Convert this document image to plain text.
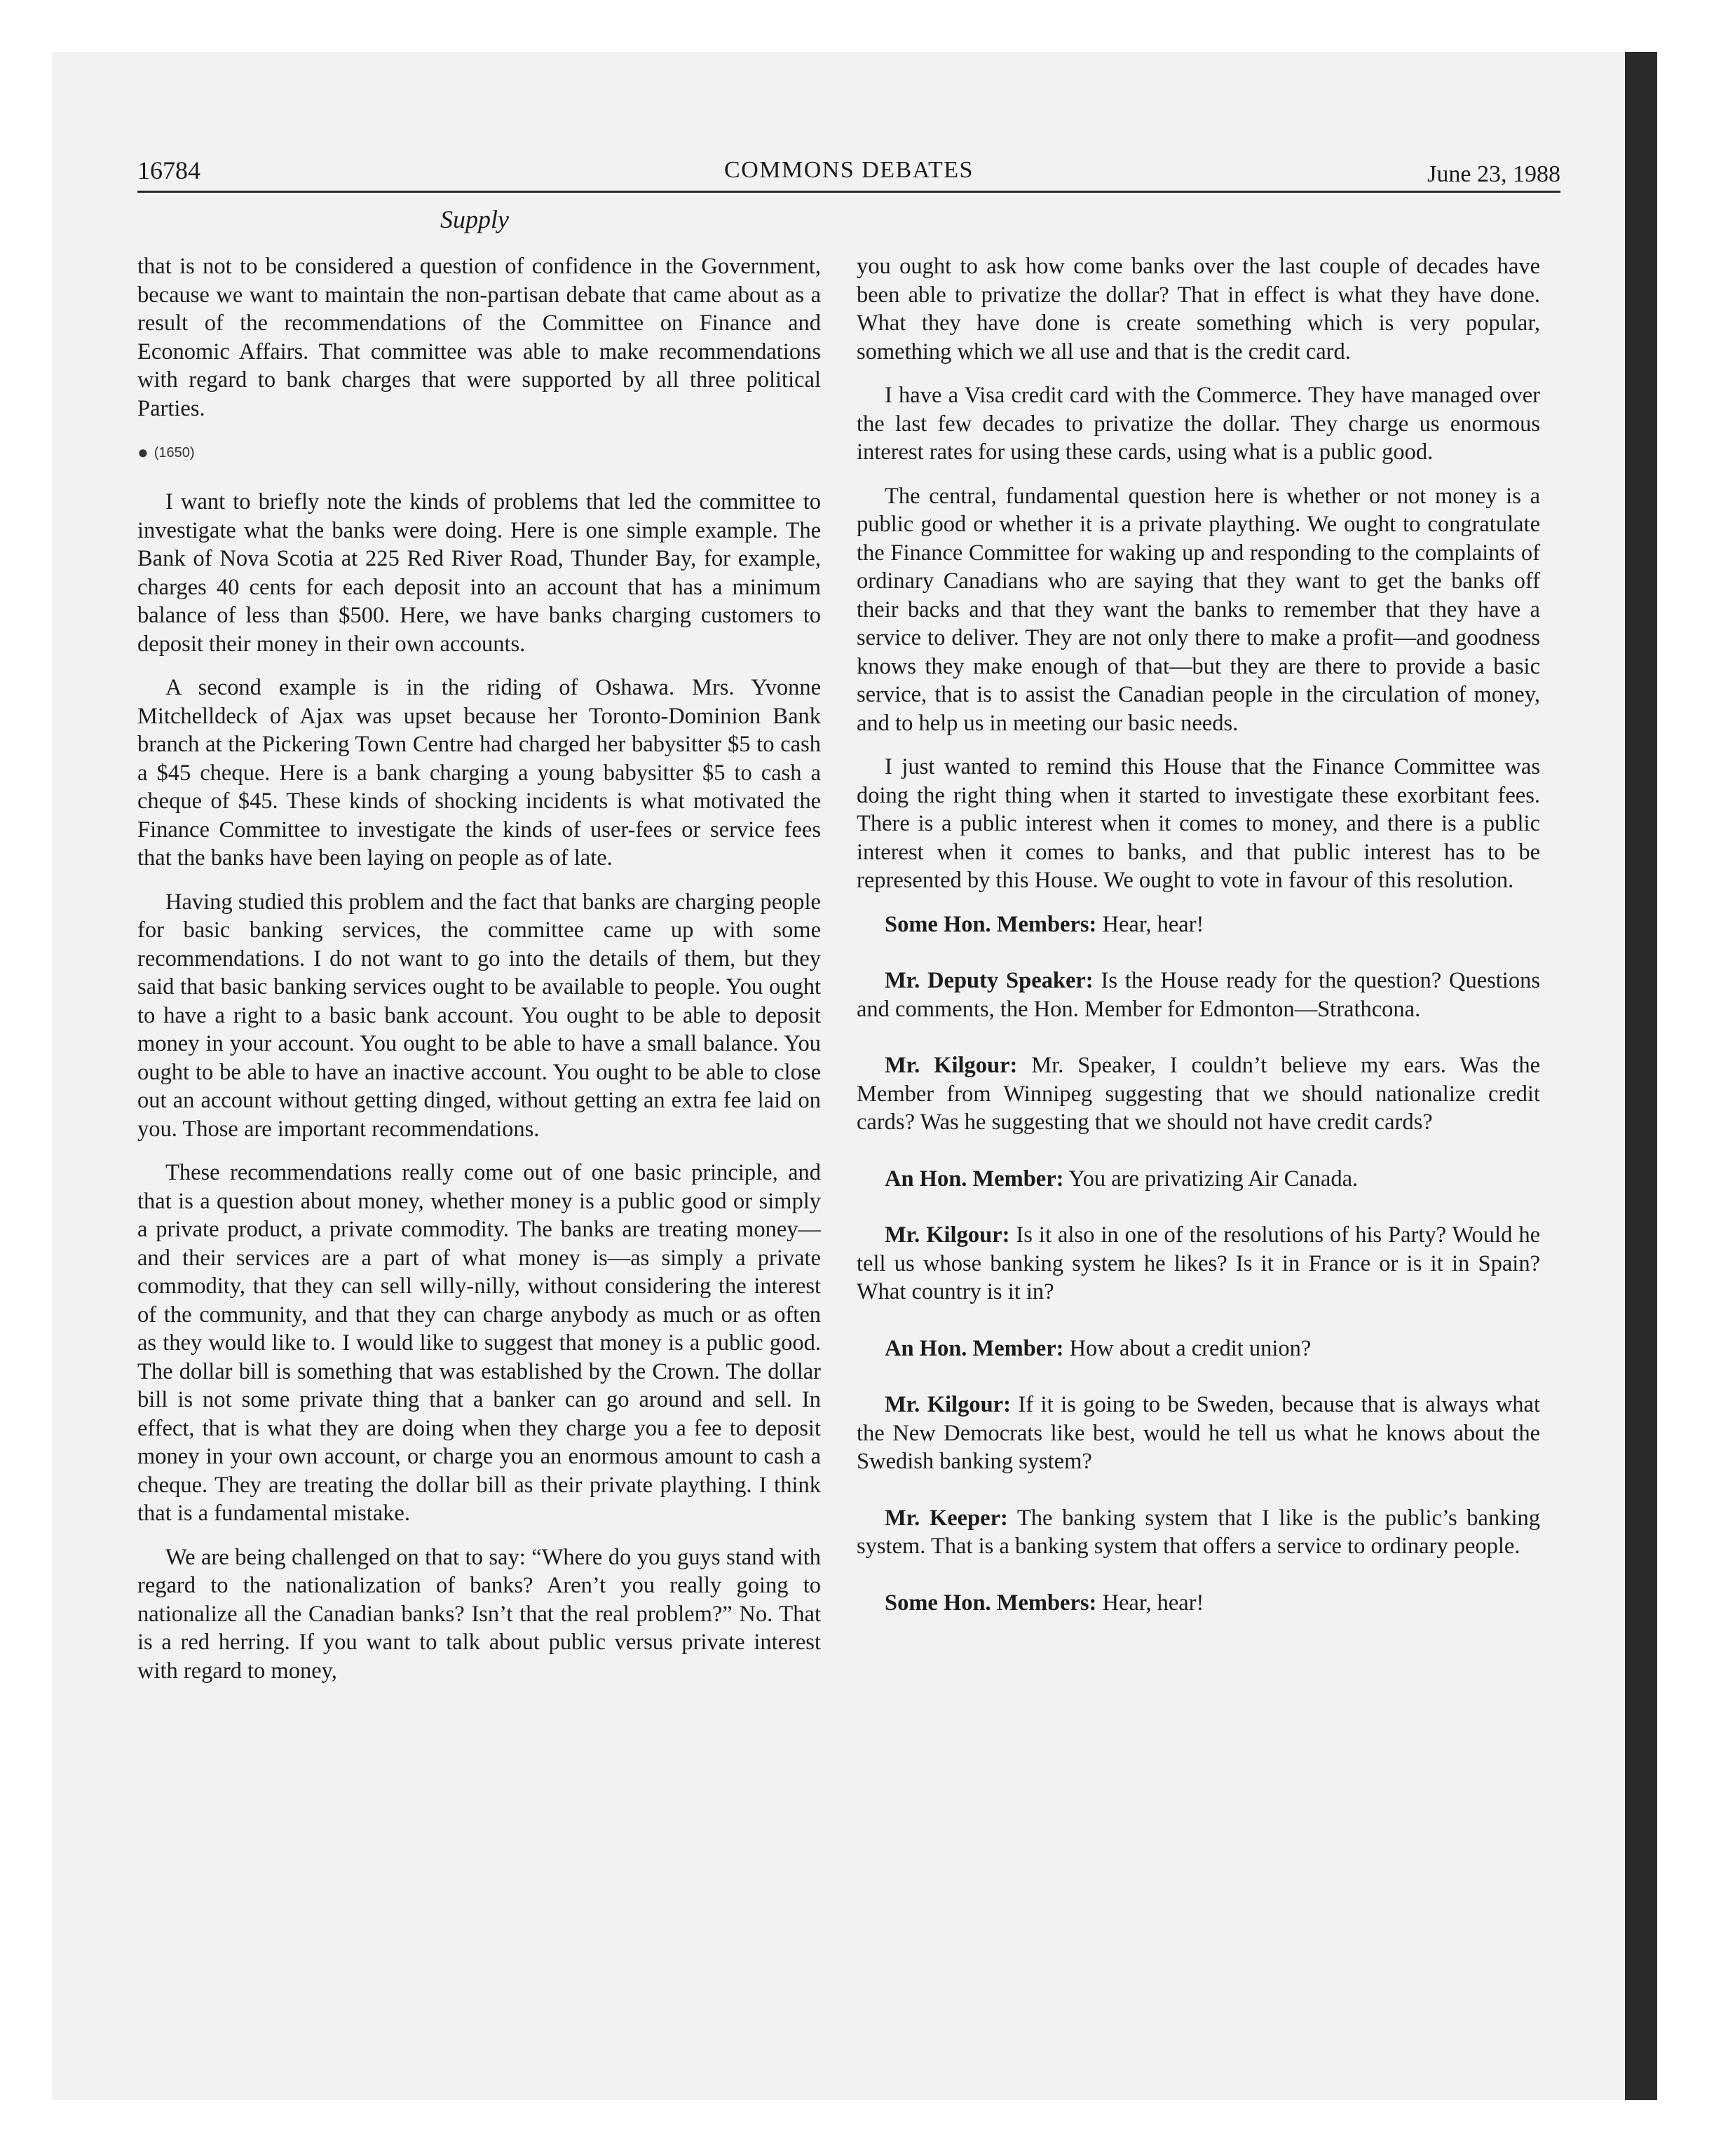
16784	COMMONS DEBATES	June 23, 1988
Supply

that is not to be considered a question of confidence in the Government, because we want to maintain the non-partisan debate that came about as a result of the recommendations of the Committee on Finance and Economic Affairs. That committee was able to make recommendations with regard to bank charges that were supported by all three political Parties.

● (1650)

I want to briefly note the kinds of problems that led the committee to investigate what the banks were doing. Here is one simple example. The Bank of Nova Scotia at 225 Red River Road, Thunder Bay, for example, charges 40 cents for each deposit into an account that has a minimum balance of less than $500. Here, we have banks charging customers to deposit their money in their own accounts.

A second example is in the riding of Oshawa. Mrs. Yvonne Mitchelldeck of Ajax was upset because her Toronto-Dominion Bank branch at the Pickering Town Centre had charged her babysitter $5 to cash a $45 cheque. Here is a bank charging a young babysitter $5 to cash a cheque of $45. These kinds of shocking incidents is what motivated the Finance Committee to investigate the kinds of user-fees or service fees that the banks have been laying on people as of late.

Having studied this problem and the fact that banks are charging people for basic banking services, the committee came up with some recommendations. I do not want to go into the details of them, but they said that basic banking services ought to be available to people. You ought to have a right to a basic bank account. You ought to be able to deposit money in your account. You ought to be able to have a small balance. You ought to be able to have an inactive account. You ought to be able to close out an account without getting dinged, without getting an extra fee laid on you. Those are important recommendations.

These recommendations really come out of one basic principle, and that is a question about money, whether money is a public good or simply a private product, a private commodity. The banks are treating money—and their services are a part of what money is—as simply a private commodity, that they can sell willy-nilly, without considering the interest of the community, and that they can charge anybody as much or as often as they would like to. I would like to suggest that money is a public good. The dollar bill is something that was established by the Crown. The dollar bill is not some private thing that a banker can go around and sell. In effect, that is what they are doing when they charge you a fee to deposit money in your own account, or charge you an enormous amount to cash a cheque. They are treating the dollar bill as their private plaything. I think that is a fundamental mistake.

We are being challenged on that to say: “Where do you guys stand with regard to the nationalization of banks? Aren’t you really going to nationalize all the Canadian banks? Isn’t that the real problem?” No. That is a red herring. If you want to talk about public versus private interest with regard to money,

you ought to ask how come banks over the last couple of decades have been able to privatize the dollar? That in effect is what they have done. What they have done is create something which is very popular, something which we all use and that is the credit card.

I have a Visa credit card with the Commerce. They have managed over the last few decades to privatize the dollar. They charge us enormous interest rates for using these cards, using what is a public good.

The central, fundamental question here is whether or not money is a public good or whether it is a private plaything. We ought to congratulate the Finance Committee for waking up and responding to the complaints of ordinary Canadians who are saying that they want to get the banks off their backs and that they want the banks to remember that they have a service to deliver. They are not only there to make a profit—and goodness knows they make enough of that—but they are there to provide a basic service, that is to assist the Canadian people in the circulation of money, and to help us in meeting our basic needs.

I just wanted to remind this House that the Finance Committee was doing the right thing when it started to investigate these exorbitant fees. There is a public interest when it comes to money, and there is a public interest when it comes to banks, and that public interest has to be represented by this House. We ought to vote in favour of this resolution.

Some Hon. Members: Hear, hear!

Mr. Deputy Speaker: Is the House ready for the question? Questions and comments, the Hon. Member for Edmonton—Strathcona.

Mr. Kilgour: Mr. Speaker, I couldn’t believe my ears. Was the Member from Winnipeg suggesting that we should nationalize credit cards? Was he suggesting that we should not have credit cards?

An Hon. Member: You are privatizing Air Canada.

Mr. Kilgour: Is it also in one of the resolutions of his Party? Would he tell us whose banking system he likes? Is it in France or is it in Spain? What country is it in?

An Hon. Member: How about a credit union?

Mr. Kilgour: If it is going to be Sweden, because that is always what the New Democrats like best, would he tell us what he knows about the Swedish banking system?

Mr. Keeper: The banking system that I like is the public’s banking system. That is a banking system that offers a service to ordinary people.

Some Hon. Members: Hear, hear!
